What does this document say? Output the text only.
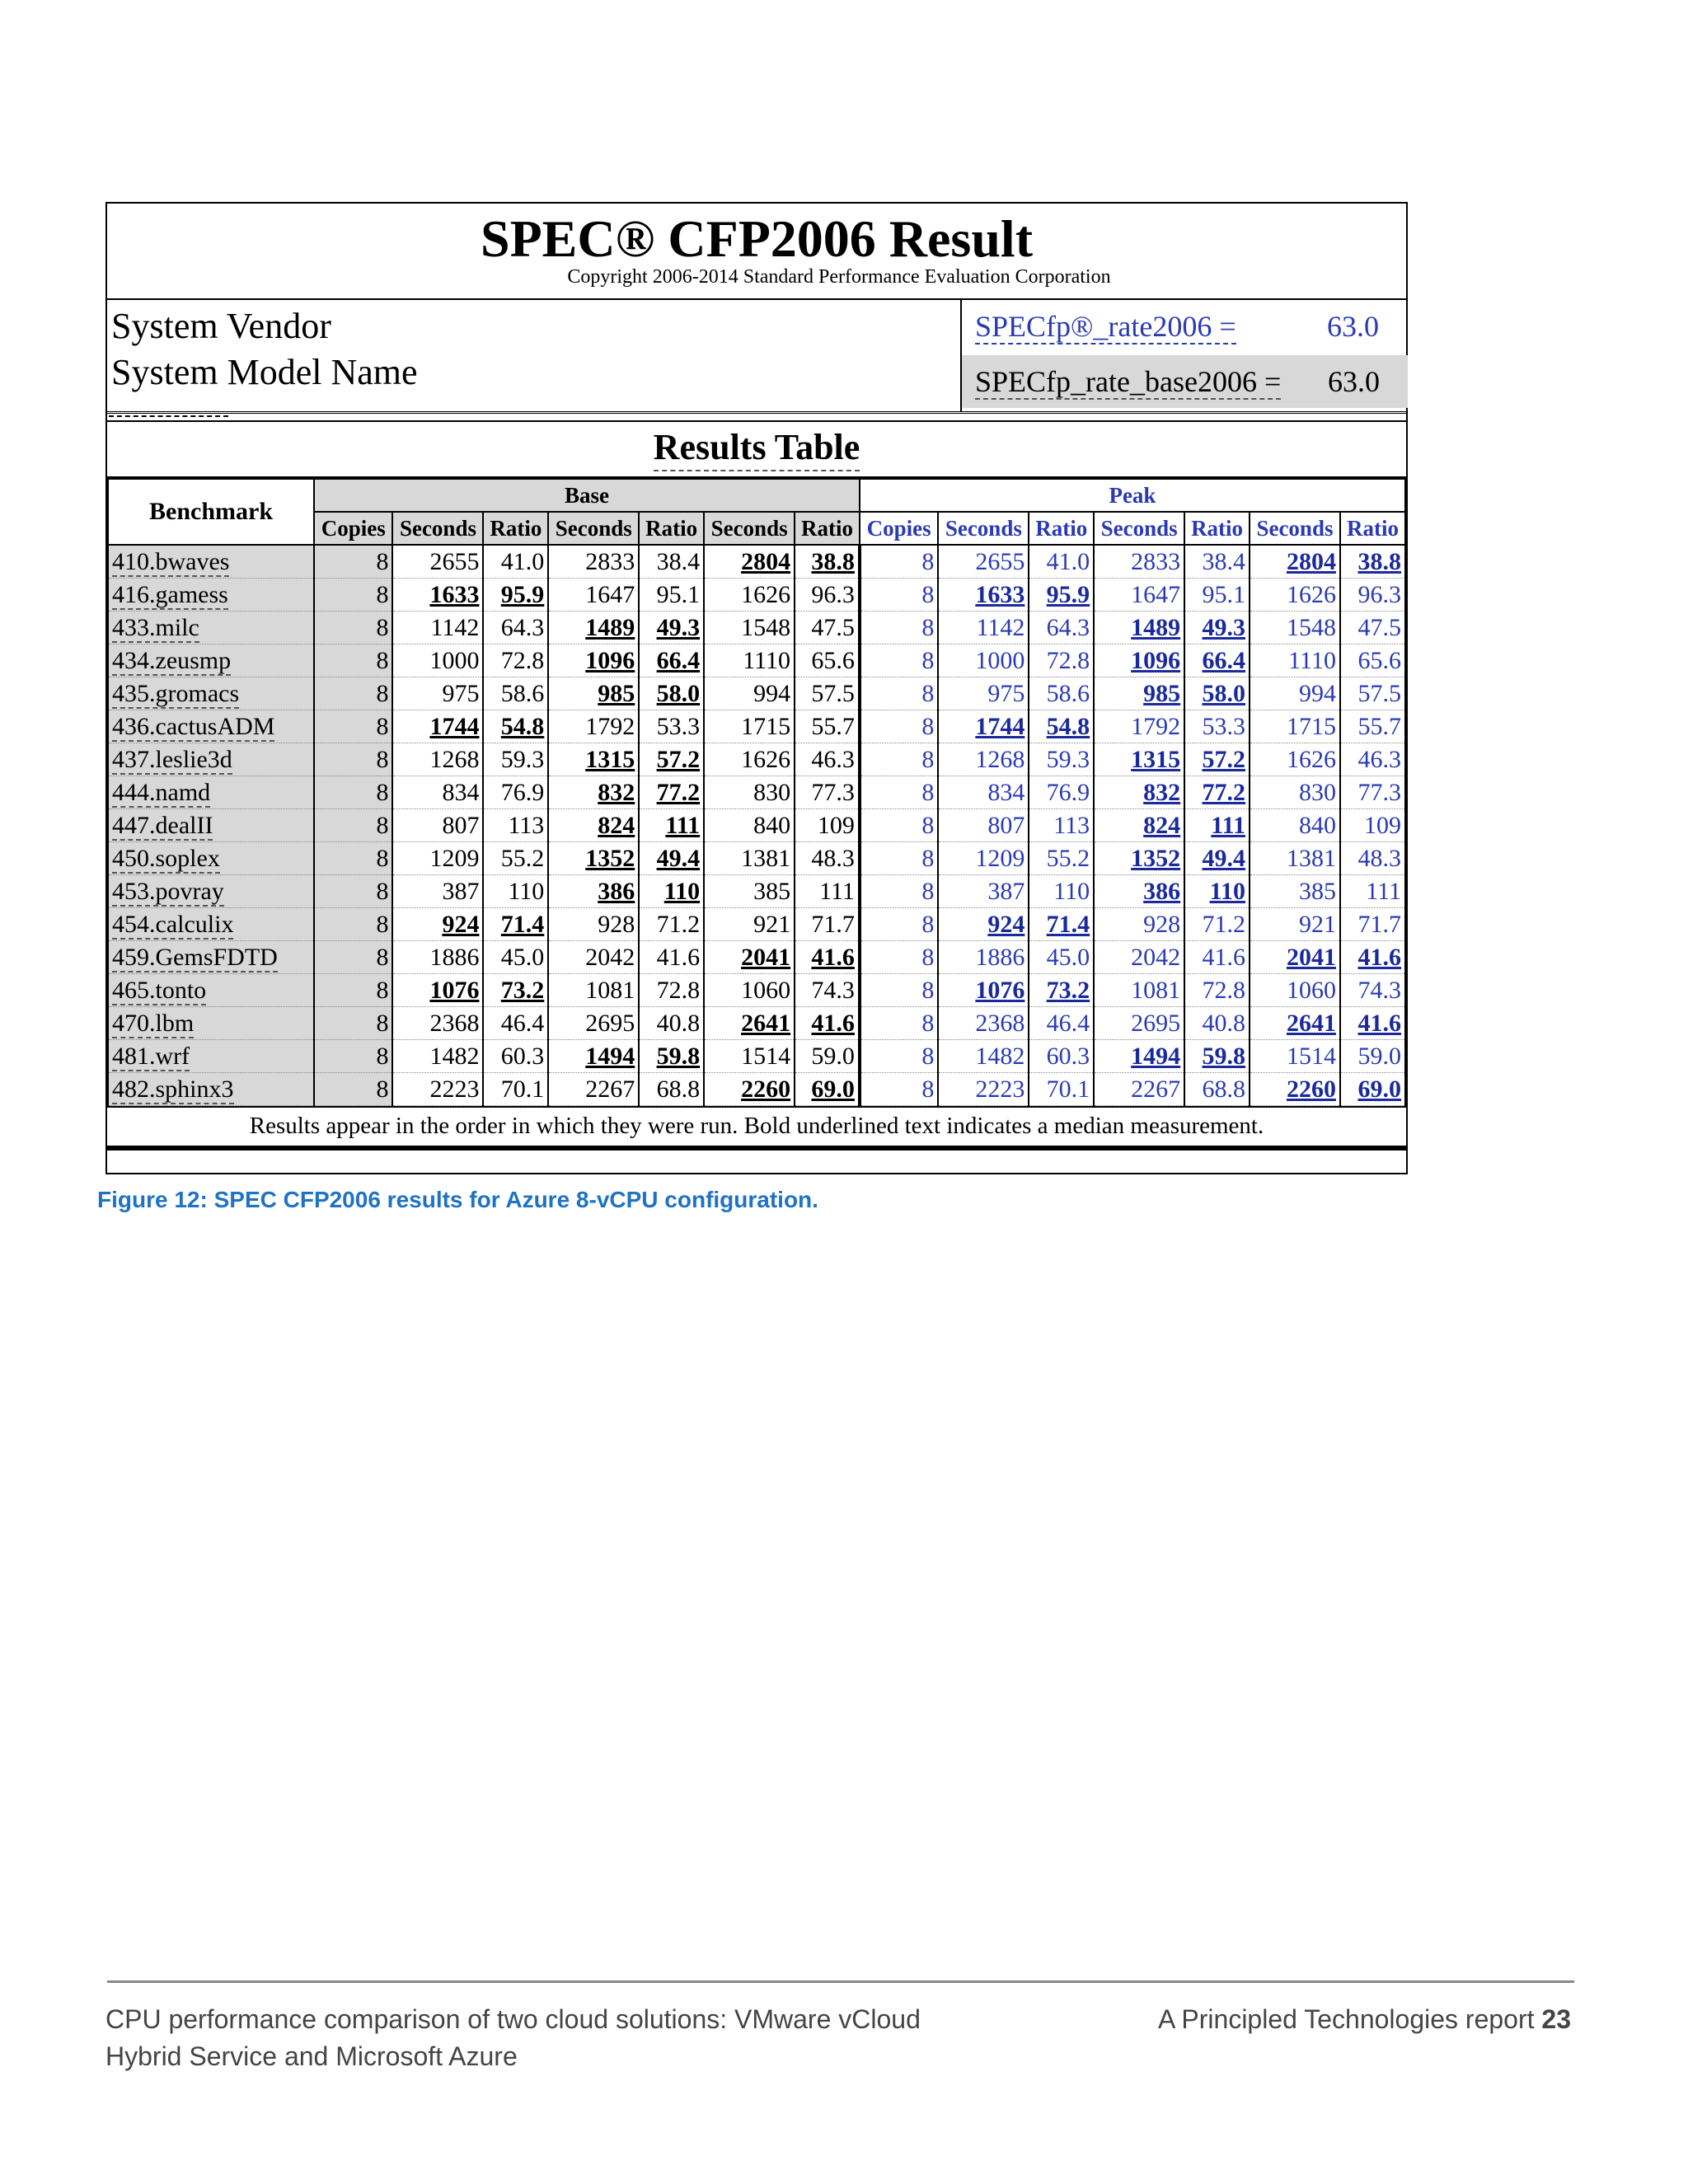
SPEC® CFP2006 Result
Copyright 2006-2014 Standard Performance Evaluation Corporation
System Vendor
System Model Name
SPECfp®_rate2006 =	63.0
SPECfp_rate_base2006 = 63.0
Results Table
Benchmark	Base							Peak						
	Copies	Seconds	Ratio	Seconds	Ratio	Seconds	Ratio	Copies	Seconds	Ratio	Seconds	Ratio	Seconds	Ratio
410.bwaves	8	2655	41.0	2833	38.4	2804	38.8	8	2655	41.0	2833	38.4	2804	38.8
416.gamess	8	1633	95.9	1647	95.1	1626	96.3	8	1633	95.9	1647	95.1	1626	96.3
433.milc	8	1142	64.3	1489	49.3	1548	47.5	8	1142	64.3	1489	49.3	1548	47.5
434.zeusmp	8	1000	72.8	1096	66.4	1110	65.6	8	1000	72.8	1096	66.4	1110	65.6
435.gromacs	8	975	58.6	985	58.0	994	57.5	8	975	58.6	985	58.0	994	57.5
436.cactusADM	8	1744	54.8	1792	53.3	1715	55.7	8	1744	54.8	1792	53.3	1715	55.7
437.leslie3d	8	1268	59.3	1315	57.2	1626	46.3	8	1268	59.3	1315	57.2	1626	46.3
444.namd	8	834	76.9	832	77.2	830	77.3	8	834	76.9	832	77.2	830	77.3
447.dealII	8	807	113	824	111	840	109	8	807	113	824	111	840	109
450.soplex	8	1209	55.2	1352	49.4	1381	48.3	8	1209	55.2	1352	49.4	1381	48.3
453.povray	8	387	110	386	110	385	111	8	387	110	386	110	385	111
454.calculix	8	924	71.4	928	71.2	921	71.7	8	924	71.4	928	71.2	921	71.7
459.GemsFDTD	8	1886	45.0	2042	41.6	2041	41.6	8	1886	45.0	2042	41.6	2041	41.6
465.tonto	8	1076	73.2	1081	72.8	1060	74.3	8	1076	73.2	1081	72.8	1060	74.3
470.lbm	8	2368	46.4	2695	40.8	2641	41.6	8	2368	46.4	2695	40.8	2641	41.6
481.wrf	8	1482	60.3	1494	59.8	1514	59.0	8	1482	60.3	1494	59.8	1514	59.0
482.sphinx3	8	2223	70.1	2267	68.8	2260	69.0	8	2223	70.1	2267	68.8	2260	69.0
Results appear in the order in which they were run. Bold underlined text indicates a median measurement.
Figure 12: SPEC CFP2006 results for Azure 8-vCPU configuration.
CPU performance comparison of two cloud solutions: VMware vCloud Hybrid Service and Microsoft Azure
A Principled Technologies report 23
